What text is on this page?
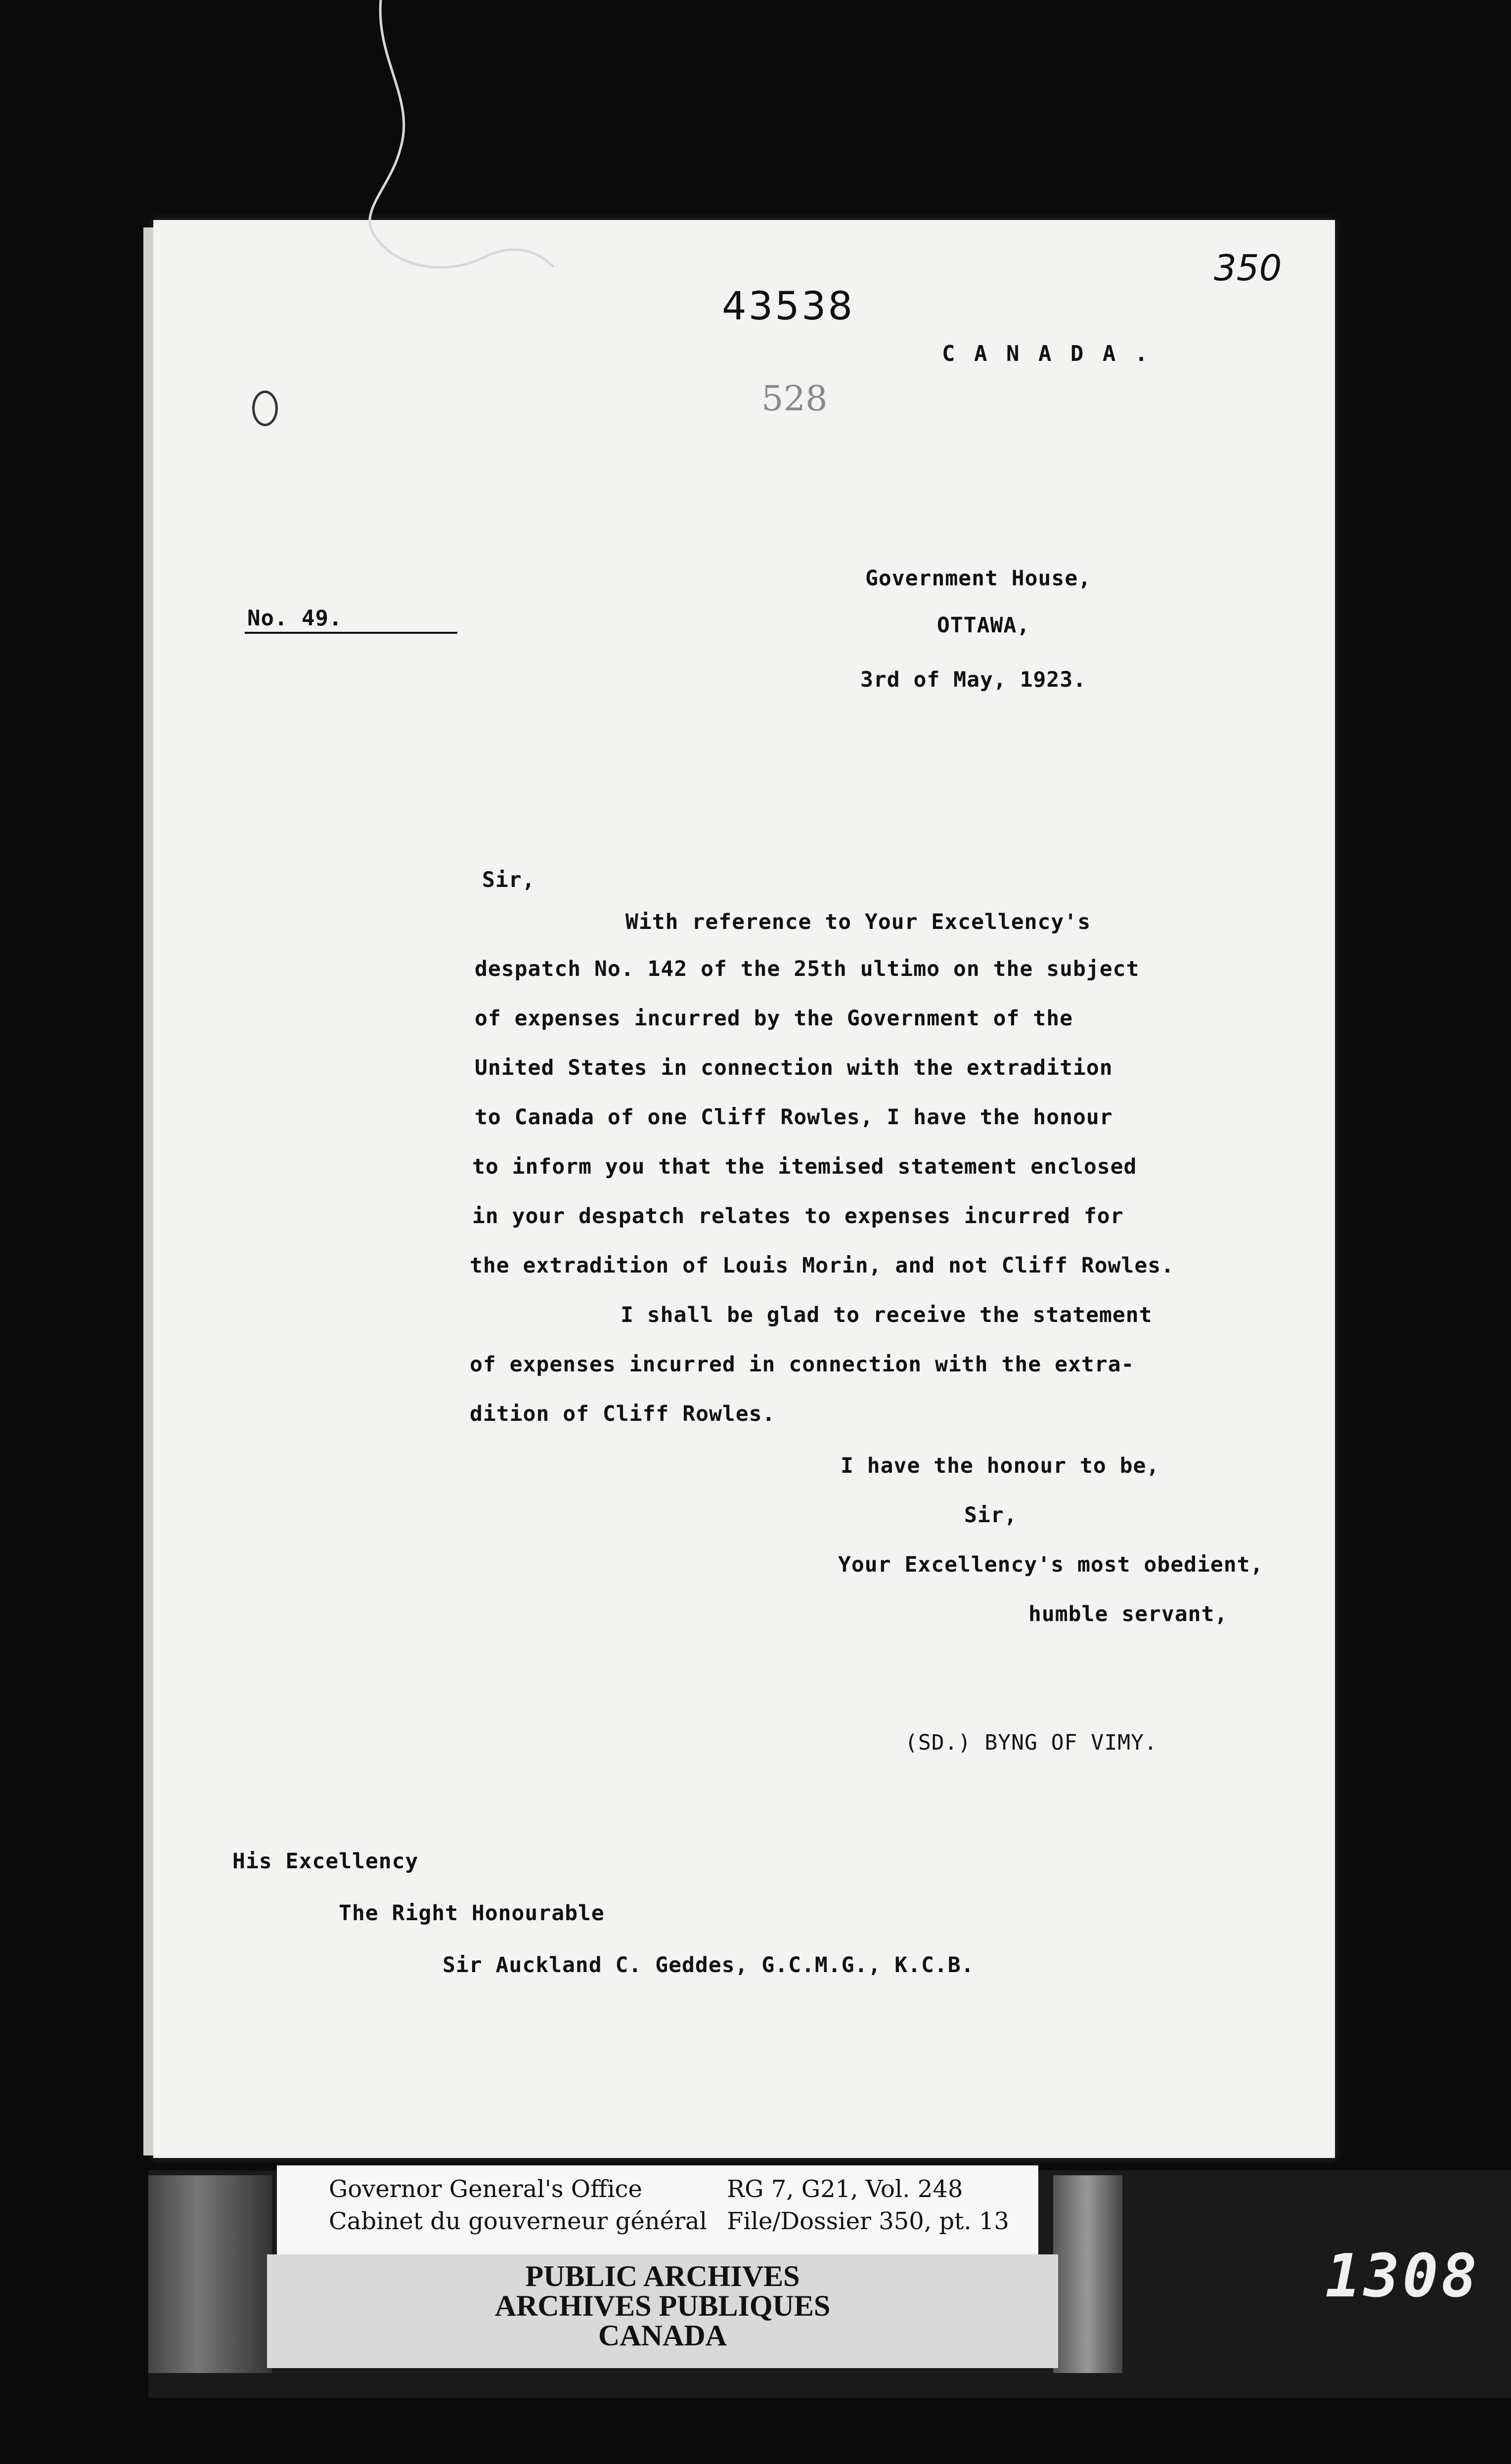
43538
528
350
C A N A D A .
No. 49.
Government House,
OTTAWA,
3rd of May, 1923.
Sir,
With reference to Your Excellency's
despatch No. 142 of the 25th ultimo on the subject
of expenses incurred by the Government of the
United States in connection with the extradition
to Canada of one Cliff Rowles, I have the honour
to inform you that the itemised statement enclosed
in your despatch relates to expenses incurred for
the extradition of Louis Morin, and not Cliff Rowles.
I shall be glad to receive the statement
of expenses incurred in connection with the extra-
dition of Cliff Rowles.
I have the honour to be,
Sir,
Your Excellency's most obedient,
humble servant,
(SD.) BYNG OF VIMY.
His Excellency
The Right Honourable
Sir Auckland C. Geddes, G.C.M.G., K.C.B.
Governor General's Office
Cabinet du gouverneur général
RG 7, G21, Vol. 248
File/Dossier 350, pt. 13
PUBLIC ARCHIVES
ARCHIVES PUBLIQUES
CANADA
1308
